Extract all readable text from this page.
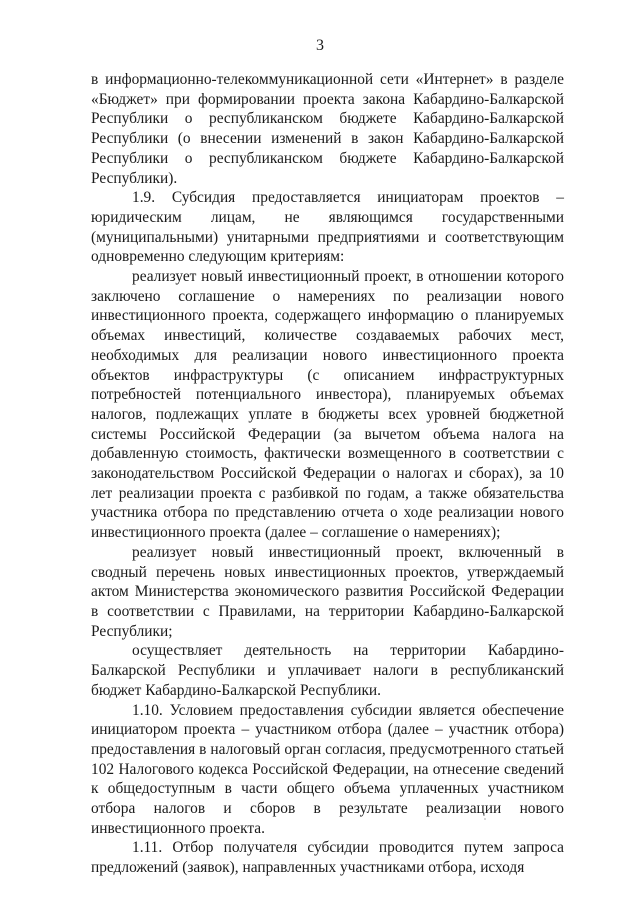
3

в информационно-телекоммуникационной сети «Интернет» в разделе «Бюджет» при формировании проекта закона Кабардино-Балкарской Республики о республиканском бюджете Кабардино-Балкарской Республики (о внесении изменений в закон Кабардино-Балкарской Республики о республиканском бюджете Кабардино-Балкарской Республики).

1.9. Субсидия предоставляется инициаторам проектов – юридическим лицам, не являющимся государственными (муниципальными) унитарными предприятиями и соответствующим одновременно следующим критериям:

реализует новый инвестиционный проект, в отношении которого заключено соглашение о намерениях по реализации нового инвестиционного проекта, содержащего информацию о планируемых объемах инвестиций, количестве создаваемых рабочих мест, необходимых для реализации нового инвестиционного проекта объектов инфраструктуры (с описанием инфраструктурных потребностей потенциального инвестора), планируемых объемах налогов, подлежащих уплате в бюджеты всех уровней бюджетной системы Российской Федерации (за вычетом объема налога на добавленную стоимость, фактически возмещенного в соответствии с законодательством Российской Федерации о налогах и сборах), за 10 лет реализации проекта с разбивкой по годам, а также обязательства участника отбора по представлению отчета о ходе реализации нового инвестиционного проекта (далее – соглашение о намерениях);

реализует новый инвестиционный проект, включенный в сводный перечень новых инвестиционных проектов, утверждаемый актом Министерства экономического развития Российской Федерации в соответствии с Правилами, на территории Кабардино-Балкарской Республики;

осуществляет деятельность на территории Кабардино-Балкарской Республики и уплачивает налоги в республиканский бюджет Кабардино-Балкарской Республики.

1.10. Условием предоставления субсидии является обеспечение инициатором проекта – участником отбора (далее – участник отбора) предоставления в налоговый орган согласия, предусмотренного статьей 102 Налогового кодекса Российской Федерации, на отнесение сведений к общедоступным в части общего объема уплаченных участником отбора налогов и сборов в результате реализации нового инвестиционного проекта.

1.11. Отбор получателя субсидии проводится путем запроса предложений (заявок), направленных участниками отбора, исходя
